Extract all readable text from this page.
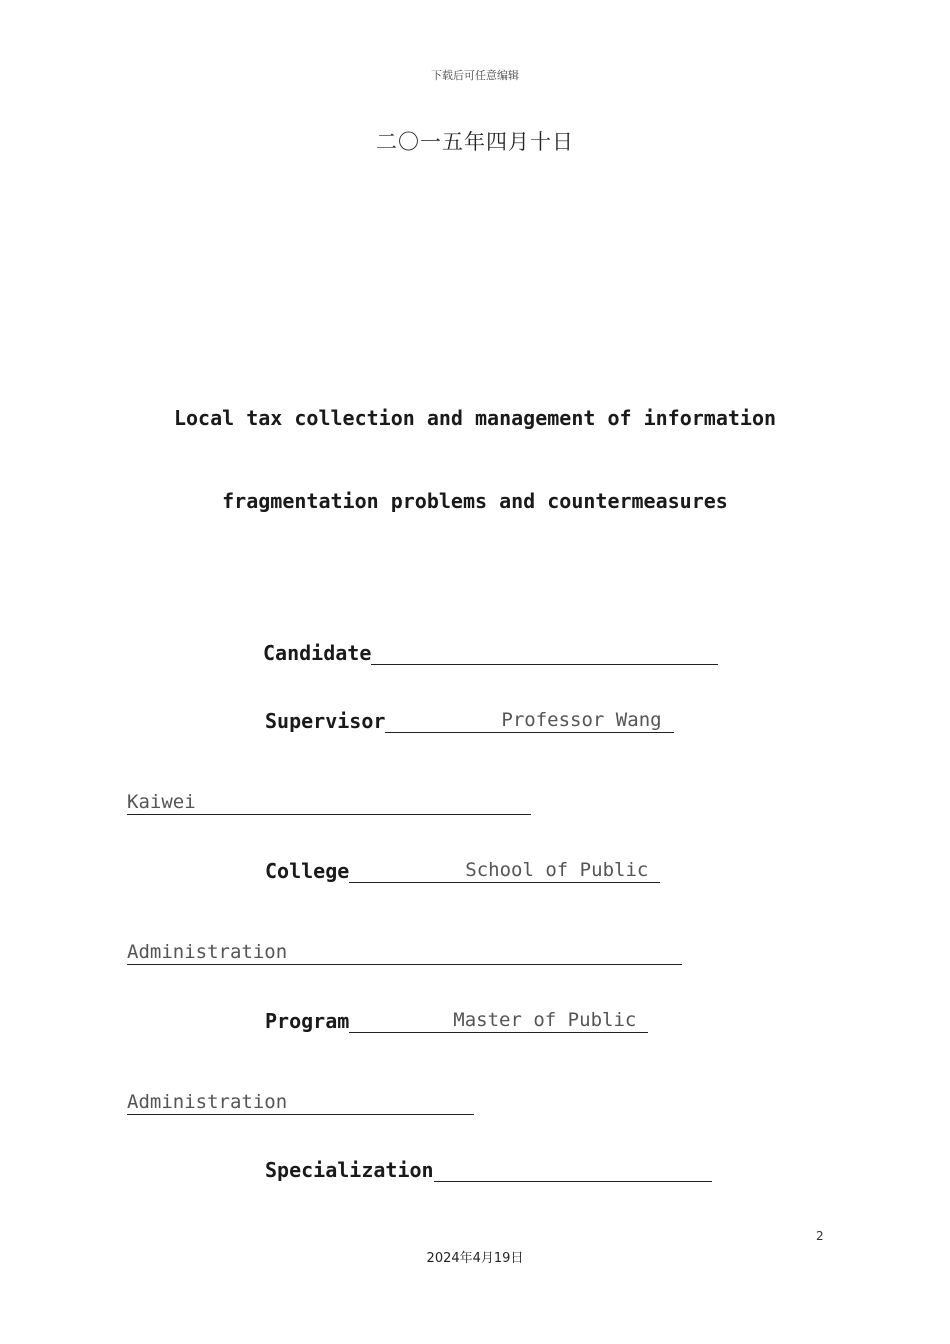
下载后可任意编辑
二〇一五年四月十日
Local tax collection and management of information
fragmentation problems and countermeasures
Candidate
Supervisor	Professor Wang
Kaiwei
College	School of Public
Administration
Program	Master of Public
Administration
Specialization
2
2024年4月19日
